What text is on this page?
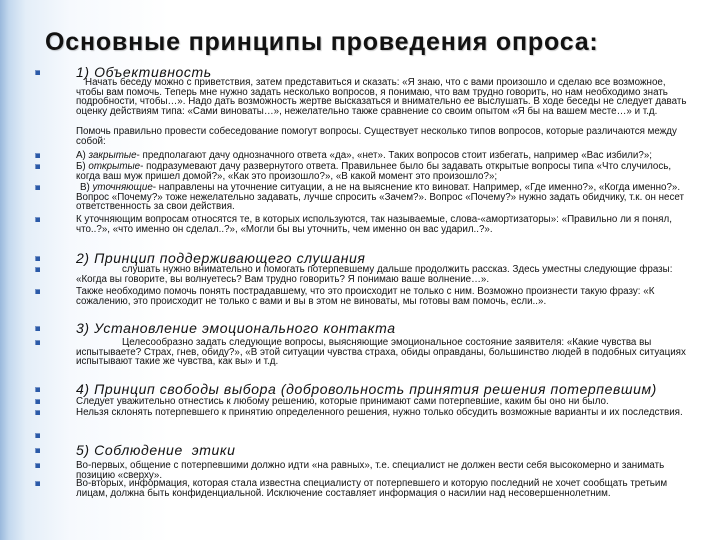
Основные принципы проведения опроса:
1) Объективность
Начать беседу можно с приветствия, затем представиться и сказать: «Я знаю, что с вами произошло и сделаю все возможное, чтобы вам помочь. Теперь мне нужно задать несколько вопросов, я понимаю, что вам трудно говорить, но нам необходимо знать подробности, чтобы…». Надо дать возможность жертве высказаться и внимательно ее выслушать. В ходе беседы не следует давать оценку действиям типа: «Сами виноваты…», нежелательно также сравнение со своим опытом «Я бы на вашем месте…» и т.д.
Помочь правильно провести собеседование помогут вопросы. Существует несколько типов вопросов, которые различаются между собой:
А) закрытые- предполагают дачу однозначного ответа «да», «нет». Таких вопросов стоит избегать, например «Вас избили?»;
Б) открытые- подразумевают дачу развернутого ответа. Правильнее было бы задавать открытые вопросы типа «Что случилось, когда ваш муж пришел домой?», «Как это произошло?», «В какой момент это произошло?»;
В) уточняющие- направлены на уточнение ситуации, а не на выяснение кто виноват. Например, «Где именно?», «Когда именно?». Вопрос «Почему?» тоже нежелательно задавать, лучше спросить «Зачем?». Вопрос «Почему?» нужно задать обидчику, т.к. он несет ответственность за свои действия.
К уточняющим вопросам относятся те, в которых используются, так называемые, слова-«амортизаторы»: «Правильно ли я понял, что..?», «что именно он сделал..?», «Могли бы вы уточнить, чем именно он вас ударил..?».
2) Принцип поддерживающего слушания
слушать нужно внимательно и помогать потерпевшему дальше продолжить рассказ. Здесь уместны следующие фразы: «Когда вы говорите, вы волнуетесь? Вам трудно говорить? Я понимаю ваше волнение…».
Также необходимо помочь понять пострадавшему, что это происходит не только с ним. Возможно произнести такую фразу: «К сожалению, это происходит не только с вами и вы в этом не виноваты, мы готовы вам помочь, если..».
3) Установление эмоционального контакта
Целесообразно задать следующие вопросы, выясняющие эмоциональное состояние заявителя: «Какие чувства вы испытываете? Страх, гнев, обиду?», «В этой ситуации чувства страха, обиды оправданы, большинство людей в подобных ситуациях испытывают такие же чувства, как вы» и т.д.
4) Принцип свободы выбора (добровольность принятия решения потерпевшим)
Следует уважительно отнестись к любому решению, которые принимают сами потерпевшие, каким бы оно ни было.
Нельзя склонять потерпевшего к принятию определенного решения, нужно только обсудить возможные варианты и их последствия.
5) Соблюдение  этики
Во-первых, общение с потерпевшими должно идти «на равных», т.е. специалист не должен вести себя высокомерно и занимать позицию «сверху».
Во-вторых, информация, которая стала известна специалисту от потерпевшего и которую последний не хочет сообщать третьим лицам, должна быть конфиденциальной. Исключение составляет информация о насилии над несовершеннолетним.
